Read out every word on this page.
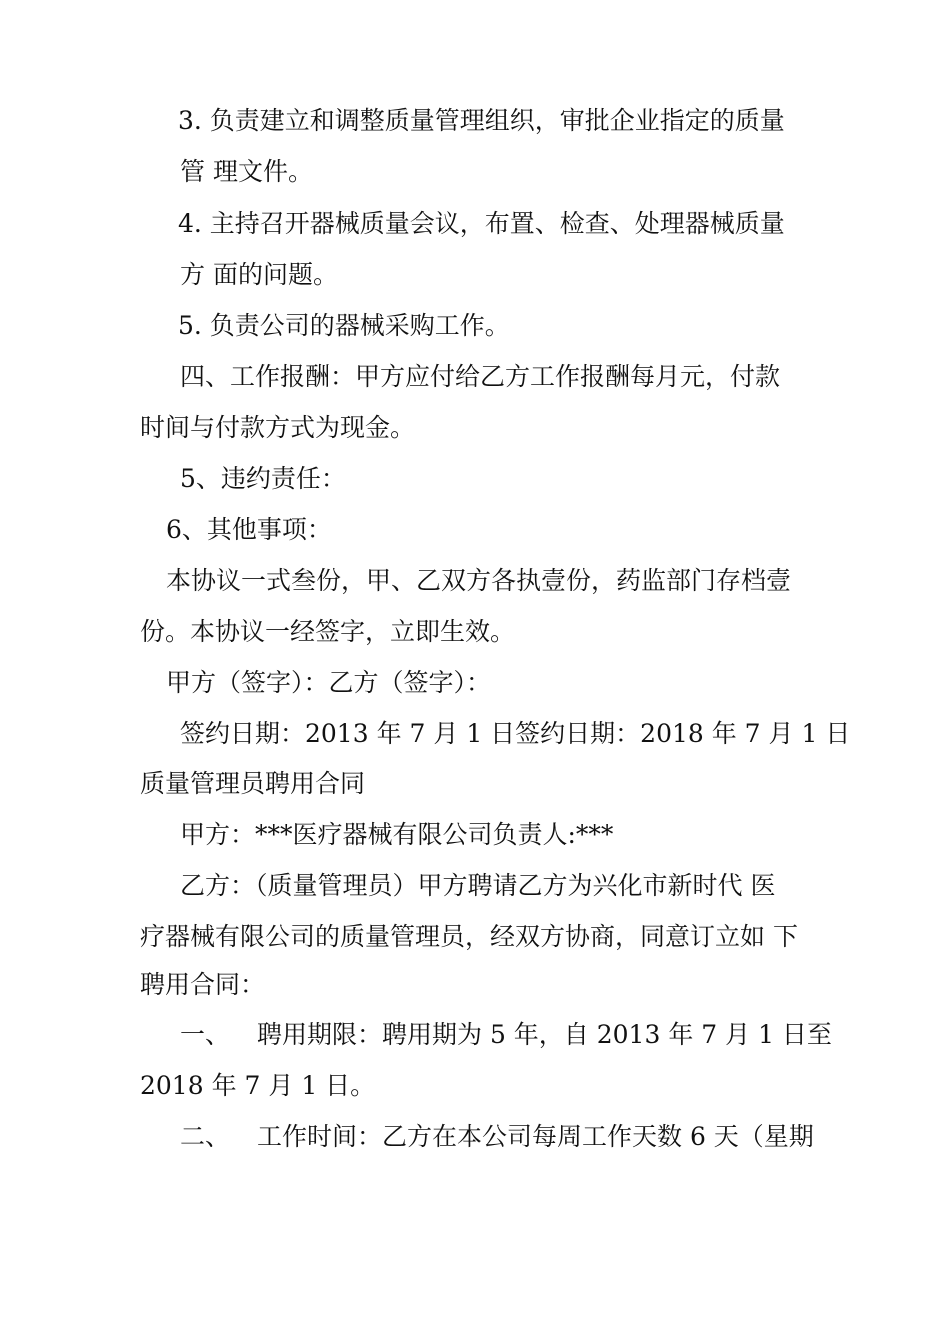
3. 负责建立和调整质量管理组织，审批企业指定的质量
管 理文件。
4. 主持召开器械质量会议，布置、检查、处理器械质量
方 面的问题。
5. 负责公司的器械采购工作。
四、工作报酬：甲方应付给乙方工作报酬每月元，付款
时间与付款方式为现金。
5、违约责任：
6、其他事项：
本协议一式叁份，甲、乙双方各执壹份，药监部门存档壹
份。本协议一经签字，立即生效。
甲方（签字）：乙方（签字）：
签约日期：2013 年 7 月 1 日签约日期：2018 年 7 月 1 日
质量管理员聘用合同
甲方：***医疗器械有限公司负责人:***
乙方：（质量管理员）甲方聘请乙方为兴化市新时代 医
疗器械有限公司的质量管理员，经双方协商，同意订立如 下
聘用合同：
一、 聘用期限：聘用期为 5 年，自 2013 年 7 月 1 日至
2018 年 7 月 1 日。
二、 工作时间：乙方在本公司每周工作天数 6 天（星期
